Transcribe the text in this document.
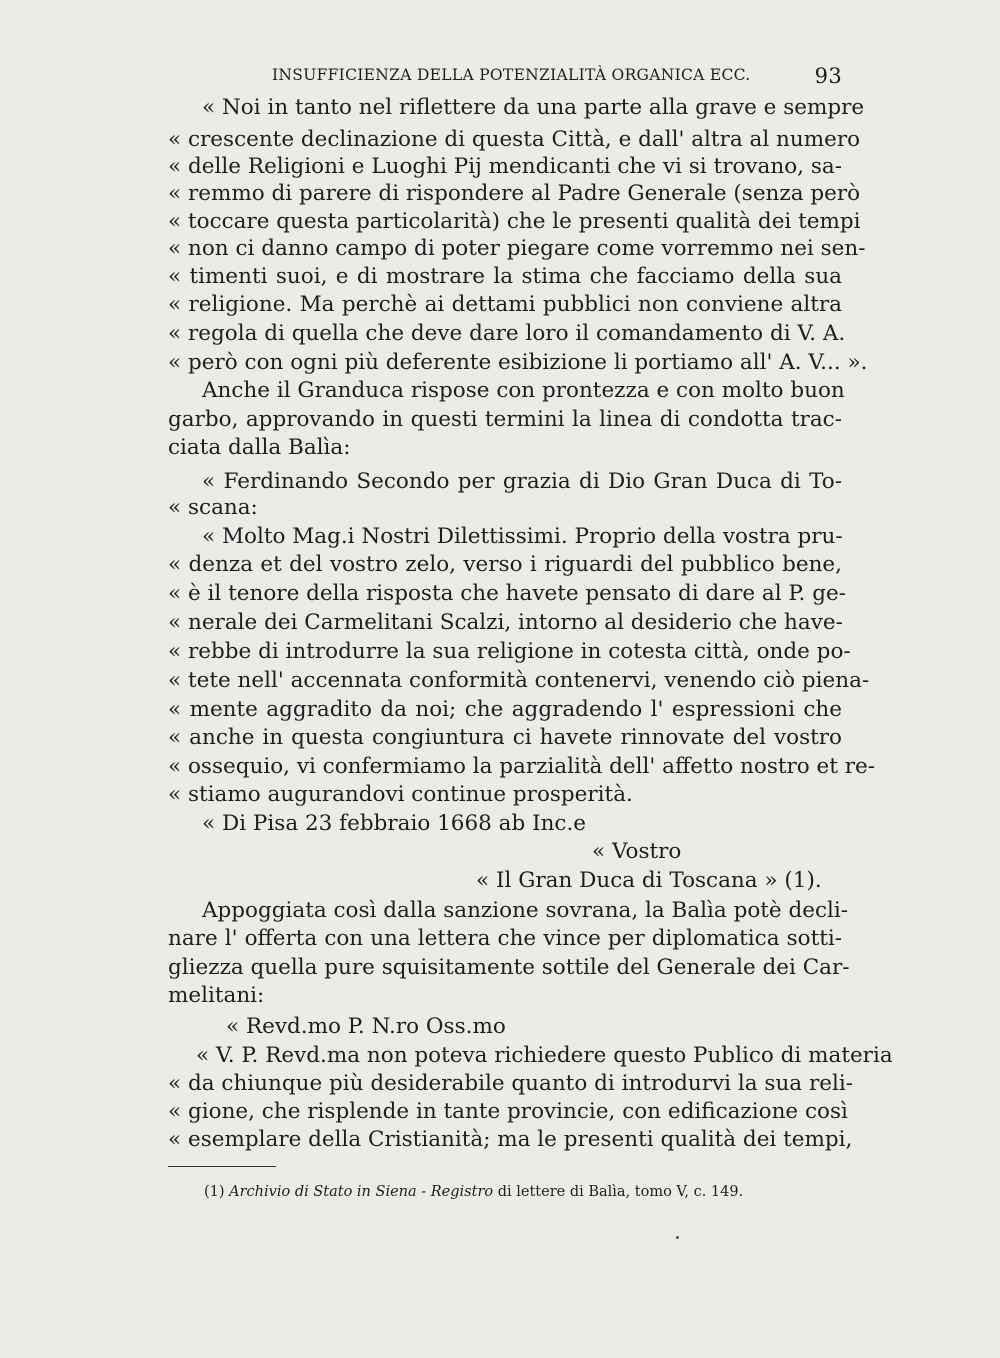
INSUFFICIENZA DELLA POTENZIALITÀ ORGANICA ECC.	93
« Noi in tanto nel riflettere da una parte alla grave e sempre
« crescente declinazione di questa Città, e dall' altra al numero
« delle Religioni e Luoghi Pij mendicanti che vi si trovano, sa-
« remmo di parere di rispondere al Padre Generale (senza però
« toccare questa particolarità) che le presenti qualità dei tempi
« non ci danno campo di poter piegare come vorremmo nei sen-
« timenti suoi, e di mostrare la stima che facciamo della sua
« religione. Ma perchè ai dettami pubblici non conviene altra
« regola di quella che deve dare loro il comandamento di V. A.
« però con ogni più deferente esibizione li portiamo all' A. V... ».
Anche il Granduca rispose con prontezza e con molto buon
garbo, approvando in questi termini la linea di condotta trac-
ciata dalla Balìa:
« Ferdinando Secondo per grazia di Dio Gran Duca di To-
« scana:
« Molto Mag.i Nostri Dilettissimi. Proprio della vostra pru-
« denza et del vostro zelo, verso i riguardi del pubblico bene,
« è il tenore della risposta che havete pensato di dare al P. ge-
« nerale dei Carmelitani Scalzi, intorno al desiderio che have-
« rebbe di introdurre la sua religione in cotesta città, onde po-
« tete nell' accennata conformità contenervi, venendo ciò piena-
« mente aggradito da noi; che aggradendo l' espressioni che
« anche in questa congiuntura ci havete rinnovate del vostro
« ossequio, vi confermiamo la parzialità dell' affetto nostro et re-
« stiamo augurandovi continue prosperità.
« Di Pisa 23 febbraio 1668 ab Inc.e
« Vostro
« Il Gran Duca di Toscana » (1).
Appoggiata così dalla sanzione sovrana, la Balìa potè decli-
nare l' offerta con una lettera che vince per diplomatica sotti-
gliezza quella pure squisitamente sottile del Generale dei Car-
melitani:
« Revd.mo P. N.ro Oss.mo
« V. P. Revd.ma non poteva richiedere questo Publico di materia
« da chiunque più desiderabile quanto di introdurvi la sua reli-
« gione, che risplende in tante provincie, con edificazione così
« esemplare della Cristianità; ma le presenti qualità dei tempi,
(1) Archivio di Stato in Siena - Registro di lettere di Balìa, tomo V, c. 149.
